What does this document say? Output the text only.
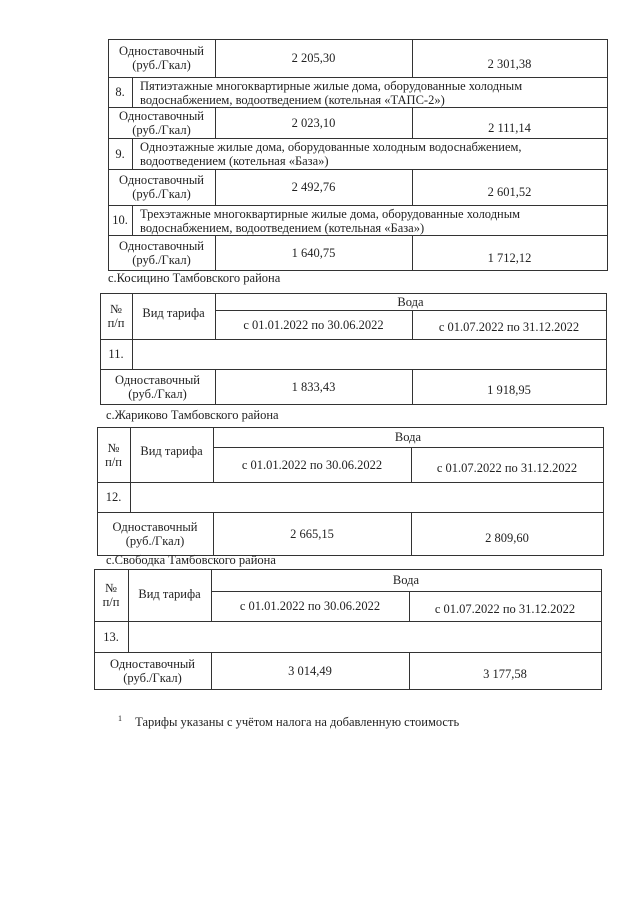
Одноставочный
(руб./Гкал)	2 205,30	2 301,38
8.	Пятиэтажные многоквартирные жилые дома, оборудованные холодным
водоснабжением, водоотведением (котельная «ТАПС-2»)
Одноставочный
(руб./Гкал)	2 023,10	2 111,14
9.	Одноэтажные жилые дома, оборудованные холодным водоснабжением,
водоотведением (котельная «База»)
Одноставочный
(руб./Гкал)	2 492,76	2 601,52
10. Трехэтажные многоквартирные жилые дома, оборудованные холодным
водоснабжением, водоотведением (котельная «База»)
Одноставочный
(руб./Гкал)	1 640,75	1 712,12
с.Косицино Тамбовского района
№
п/п
Вид тарифа
Вода
с 01.01.2022 по 30.06.2022	с 01.07.2022 по 31.12.2022
11.
Одноставочный
(руб./Гкал)	1 833,43	1 918,95
с.Жариково Тамбовского района
№
п/п
Вид тарифа
Вода
с 01.01.2022 по 30.06.2022	с 01.07.2022 по 31.12.2022
12.
Одноставочный
(руб./Гкал)	2 665,15	2 809,60
с.Свободка Тамбовского района
№
п/п
Вид тарифа
Вода
с 01.01.2022 по 30.06.2022	с 01.07.2022 по 31.12.2022
13.
Одноставочный
(руб./Гкал)	3 014,49	3 177,58
$^1$ Тарифы указаны с учётом налога на добавленную стоимость
